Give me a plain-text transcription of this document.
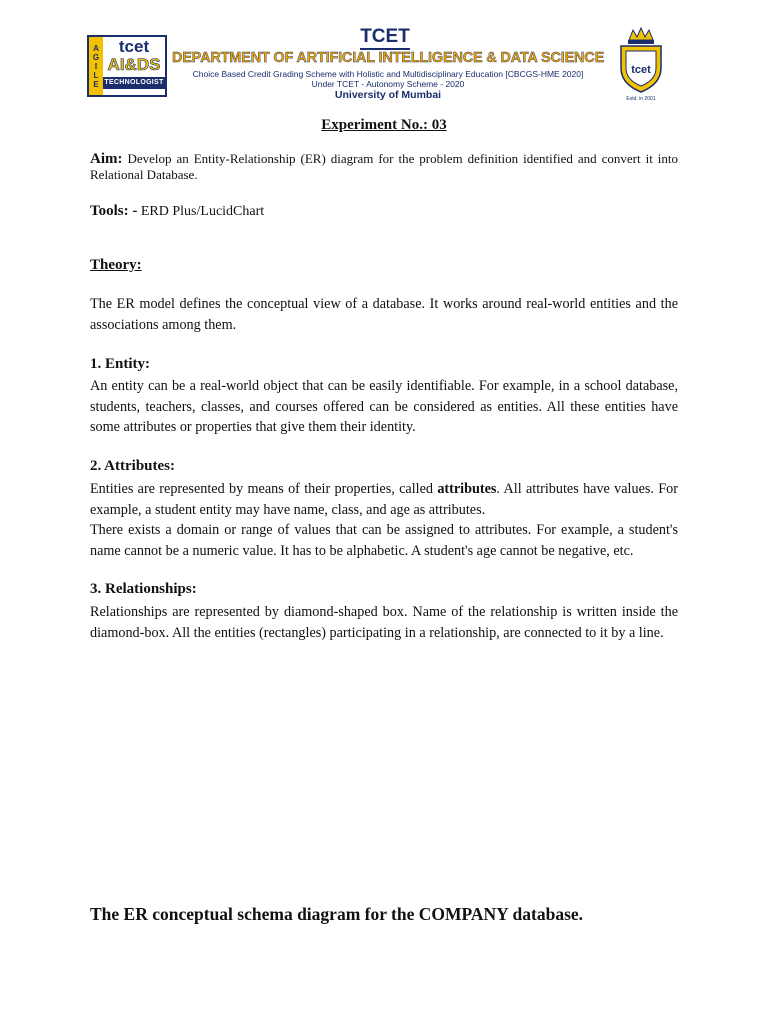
A
G
I
L
E
tcet
AI&DS
TECHNOLOGIST
TCET
DEPARTMENT OF ARTIFICIAL INTELLIGENCE & DATA SCIENCE
Choice Based Credit Grading Scheme with Holistic and Multidisciplinary Education [CBCGS-HME 2020]
Under TCET - Autonomy Scheme - 2020
University of Mumbai
tcet
Estd. in 2001
Experiment No.: 03
Aim: Develop an Entity-Relationship (ER) diagram for the problem definition identified and convert it into Relational Database.
Tools: - ERD Plus/LucidChart
Theory:
The ER model defines the conceptual view of a database. It works around real-world entities and the associations among them.
1. Entity:
An entity can be a real-world object that can be easily identifiable. For example, in a school database, students, teachers, classes, and courses offered can be considered as entities. All these entities have some attributes or properties that give them their identity.
2. Attributes:
Entities are represented by means of their properties, called attributes. All attributes have values. For example, a student entity may have name, class, and age as attributes.
There exists a domain or range of values that can be assigned to attributes. For example, a student's name cannot be a numeric value. It has to be alphabetic. A student's age cannot be negative, etc.
3. Relationships:
Relationships are represented by diamond-shaped box. Name of the relationship is written inside the diamond-box. All the entities (rectangles) participating in a relationship, are connected to it by a line.
The ER conceptual schema diagram for the COMPANY database.
